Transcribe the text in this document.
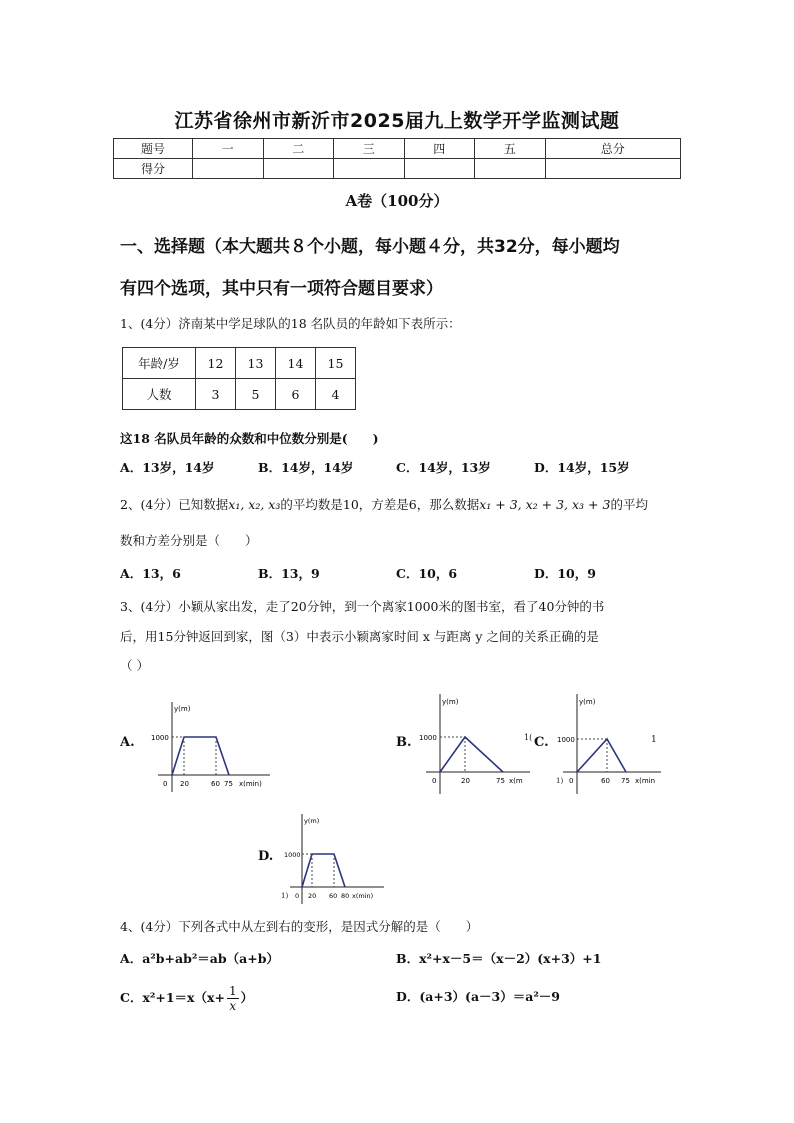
江苏省徐州市新沂市2025届九上数学开学监测试题
题号	一	二	三	四	五	总分
得分						
A卷（100分）
一、选择题（本大题共８个小题，每小题４分，共32分，每小题均
有四个选项，其中只有一项符合题目要求）
1、(4分）济南某中学足球队的18 名队员的年龄如下表所示：
年龄/岁	12	13	14	15
人数	3	5	6	4
这18 名队员年龄的众数和中位数分别是(　　)
A．13岁，14岁	B．14岁，14岁	C．14岁，13岁	D．14岁，15岁
2、(4分）已知数据x₁, x₂, x₃的平均数是10，方差是6，那么数据x₁ + 3, x₂ + 3, x₃ + 3的平均
数和方差分别是（　　）
A．13，6	B．13，9	C．10，6	D．10，9
3、(4分）小颖从家出发，走了20分钟，到一个离家1000米的图书室，看了40分钟的书
后，用15分钟返回到家，图（3）中表示小颖离家时间 x 与距离 y 之间的关系正确的是
（ ）
A.	B.	C.
D.
y(m)
1000
0 20	60 75 x(min)
y(m)
1000
0	20	75 x(m
1(
y(m)
1000
0	60 75 x(min
1
1)
y(m)
1000
0 20 60 80 x(min)
1)
4、(4分）下列各式中从左到右的变形，是因式分解的是（　　）
A．a²b+ab²＝ab（a+b）	B．x²+x－5＝（x－2）(x+3）+1
C．$x^2+1=x(x+ \frac{1}{x}$ ）	D．(a+3）(a－3）＝a²－9
